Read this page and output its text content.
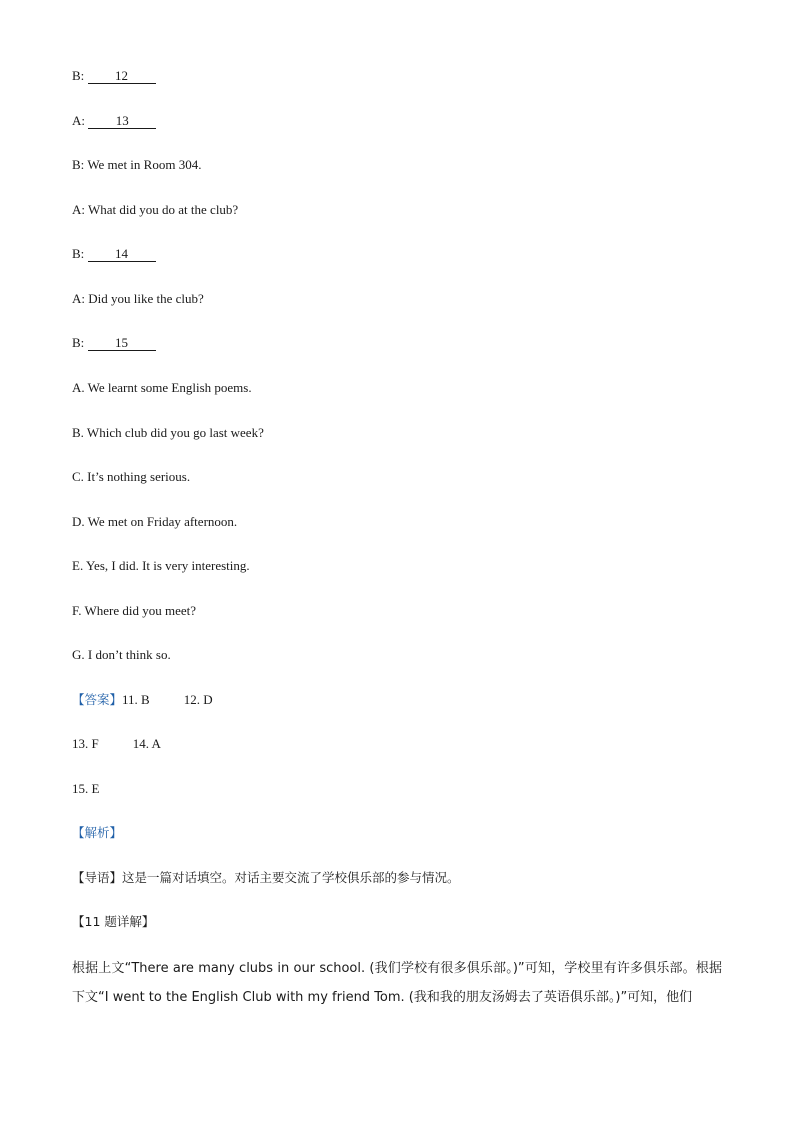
B: 12
A: 13
B: We met in Room 304.
A: What did you do at the club?
B: 14
A: Did you like the club?
B: 15
A. We learnt some English poems.
B. Which club did you go last week?
C. It’s nothing serious.
D. We met on Friday afternoon.
E. Yes, I did. It is very interesting.
F. Where did you meet?
G. I don’t think so.
【答案】11. B	12. D
13. F	14. A
15. E
【解析】
【导语】这是一篇对话填空。对话主要交流了学校俱乐部的参与情况。
【11 题详解】
根据上文“There are many clubs in our school. (我们学校有很多俱乐部。)”可知，学校里有许多俱乐部。根据下文“I went to the English Club with my friend Tom. (我和我的朋友汤姆去了英语俱乐部。)”可知，他们
